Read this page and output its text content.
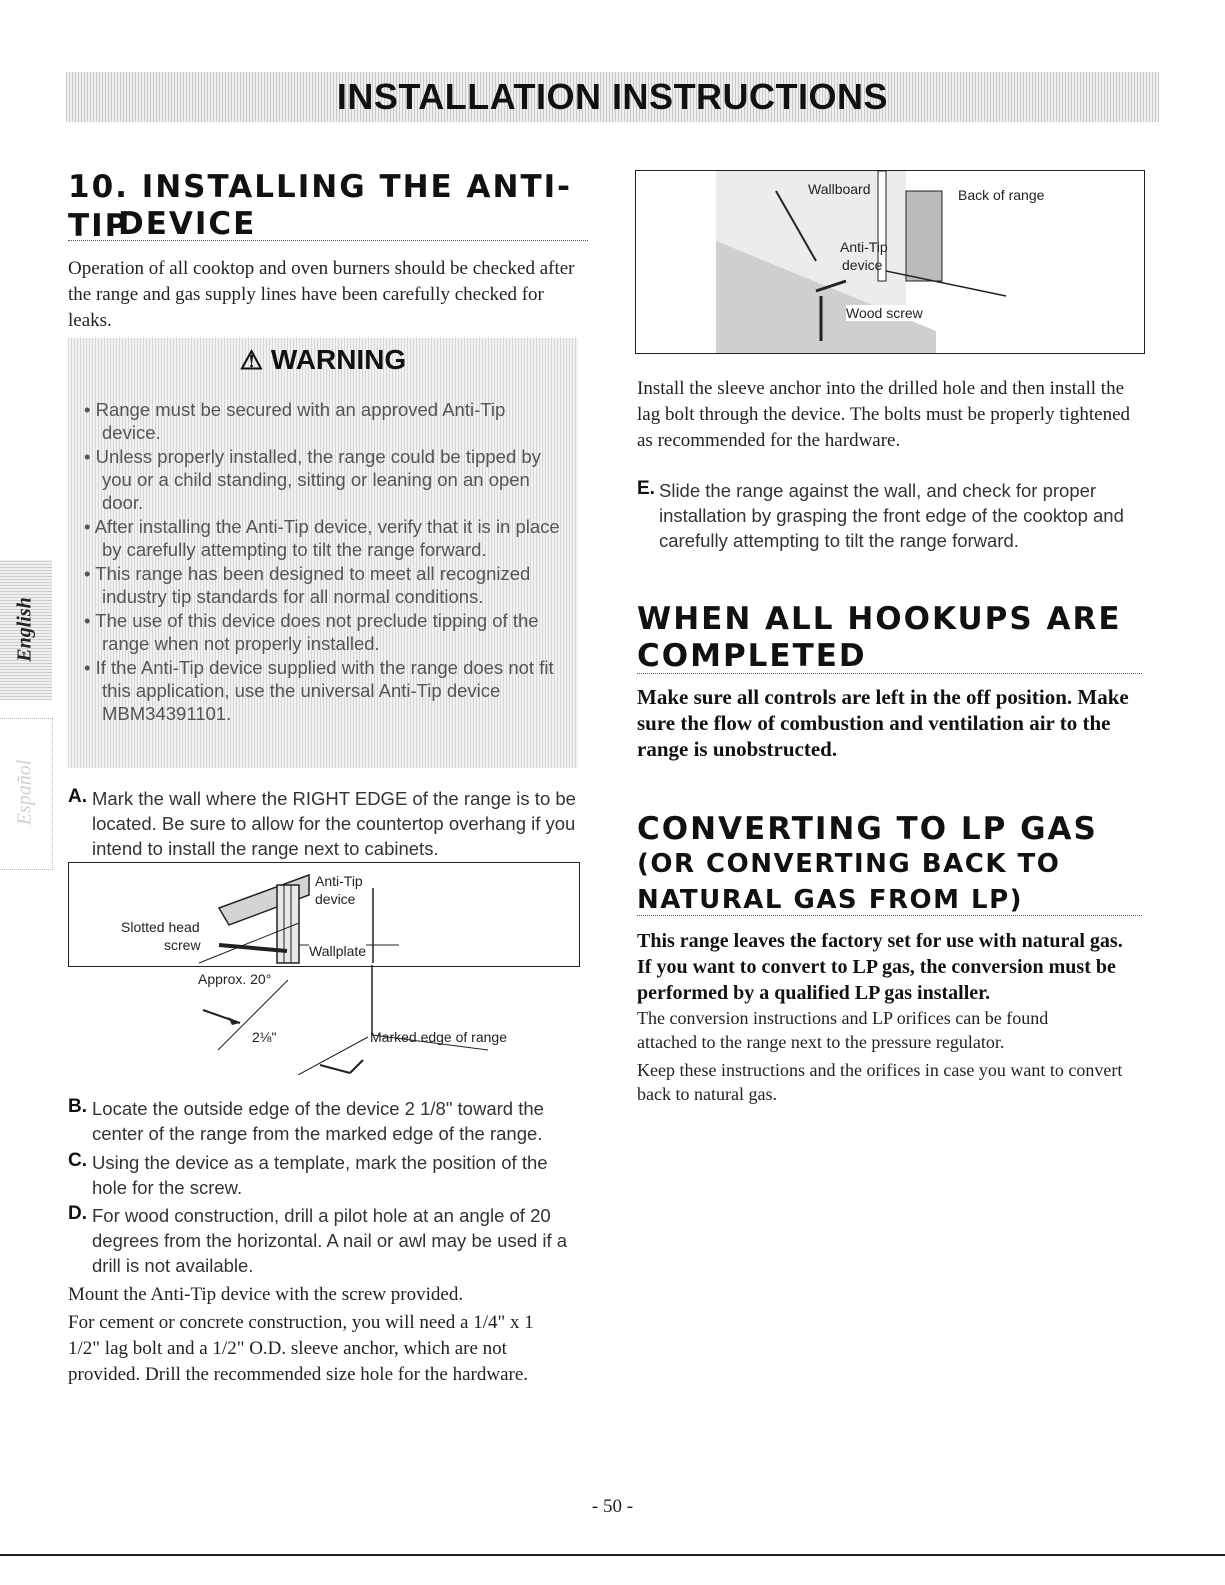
INSTALLATION INSTRUCTIONS
English
Español
10. INSTALLING THE ANTI-TIP
DEVICE

Operation of all cooktop and oven burners should be checked after the range and gas supply lines have been carefully checked for leaks.

⚠ WARNING
• Range must be secured with an approved Anti-Tip device.
• Unless properly installed, the range could be tipped by you or a child standing, sitting or leaning on an open door.
• After installing the Anti-Tip device, verify that it is in place by carefully attempting to tilt the range forward.
• This range has been designed to meet all recognized industry tip standards for all normal conditions.
• The use of this device does not preclude tipping of the range when not properly installed.
• If the Anti-Tip device supplied with the range does not fit this application, use the universal Anti-Tip device MBM34391101.
A. Mark the wall where the RIGHT EDGE of the range is to be located. Be sure to allow for the countertop overhang if you intend to install the range next to cabinets.

Anti-Tip
device
Slotted head
screw	Wallplate
Approx. 20°
2⅛"	Marked edge of range
B. Locate the outside edge of the device 2 1/8" toward the center of the range from the marked edge of the range.

C. Using the device as a template, mark the position of the hole for the screw.

D. For wood construction, drill a pilot hole at an angle of 20 degrees from the horizontal. A nail or awl may be used if a drill is not available.

Mount the Anti-Tip device with the screw provided.

For cement or concrete construction, you will need a 1/4" x 1 1/2" lag bolt and a 1/2" O.D. sleeve anchor, which are not provided. Drill the recommended size hole for the hardware.

Wallboard	Back of range
Anti-Tip
device
Wood screw

Install the sleeve anchor into the drilled hole and then install the lag bolt through the device. The bolts must be properly tightened as recommended for the hardware.

E. Slide the range against the wall, and check for proper installation by grasping the front edge of the cooktop and carefully attempting to tilt the range forward.

WHEN ALL HOOKUPS ARE
COMPLETED

Make sure all controls are left in the off position. Make sure the flow of combustion and ventilation air to the range is unobstructed.

CONVERTING TO LP GAS
(OR CONVERTING BACK TO
NATURAL GAS FROM LP)

This range leaves the factory set for use with natural gas. If you want to convert to LP gas, the conversion must be performed by a qualified LP gas installer.

The conversion instructions and LP orifices can be found attached to the range next to the pressure regulator.

Keep these instructions and the orifices in case you want to convert back to natural gas.

- 50 -
